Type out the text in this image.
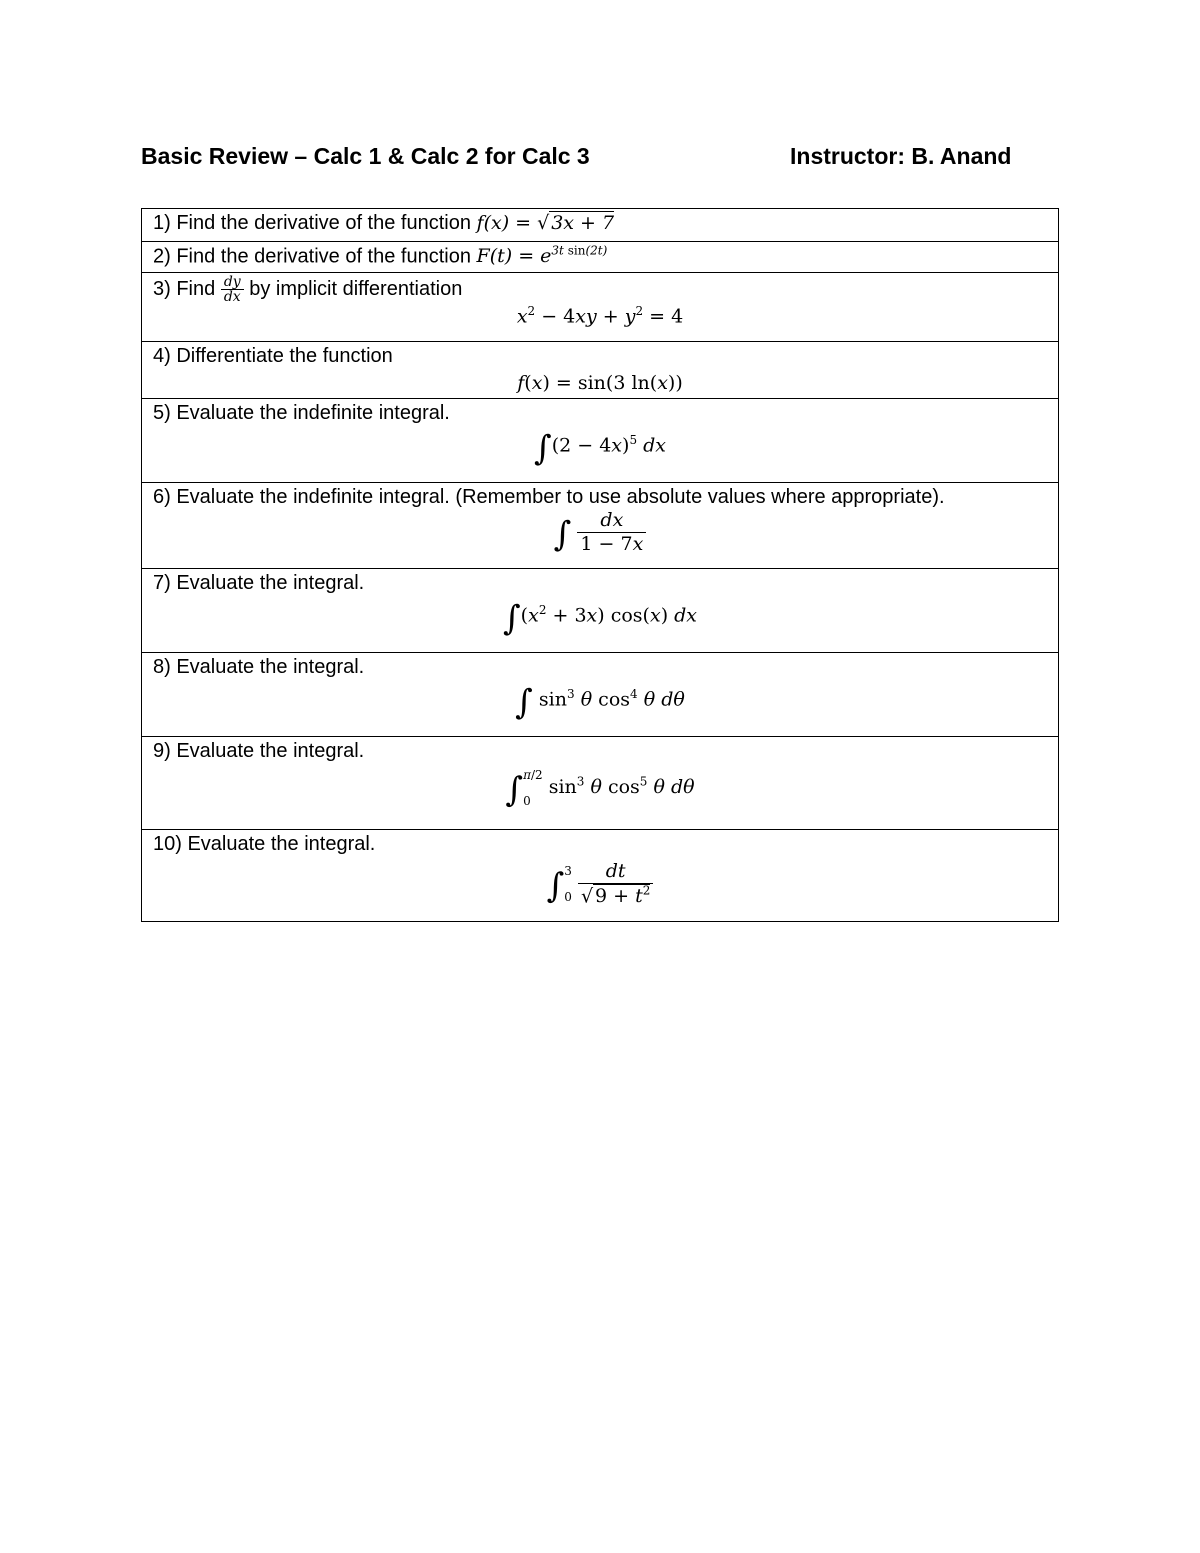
Basic Review – Calc 1 & Calc 2 for Calc 3	Instructor: B. Anand
1) Find the derivative of the function f(x) = √ 3x + 7
2) Find the derivative of the function $F(t) = e^{3t sin(2t)}$

3) Find $\frac{dy}{dx}$ by implicit differentiation
$x^2 - 4xy + y^2 = 4$

4) Differentiate the function
f(x) = sin(3 ln(x))

5) Evaluate the indefinite integral.
$\int(2 - 4x)^5$ dx

6) Evaluate the indefinite integral. (Remember to use absolute values where appropriate).
∫ $\frac{dx}{1 - 7x}$

7) Evaluate the integral.
$\int(x^2 + 3x)$ cos(x) dx

8) Evaluate the integral.
∫ $\sin^3 \theta$ $\cos^4 \theta$ dθ

9) Evaluate the integral.
∫ π/2
0
$\sin^3 \theta$ $\cos^5 \theta$ dθ

10) Evaluate the integral.
∫ 3
$0 \frac{dt}{√ 9 + t^2}$
